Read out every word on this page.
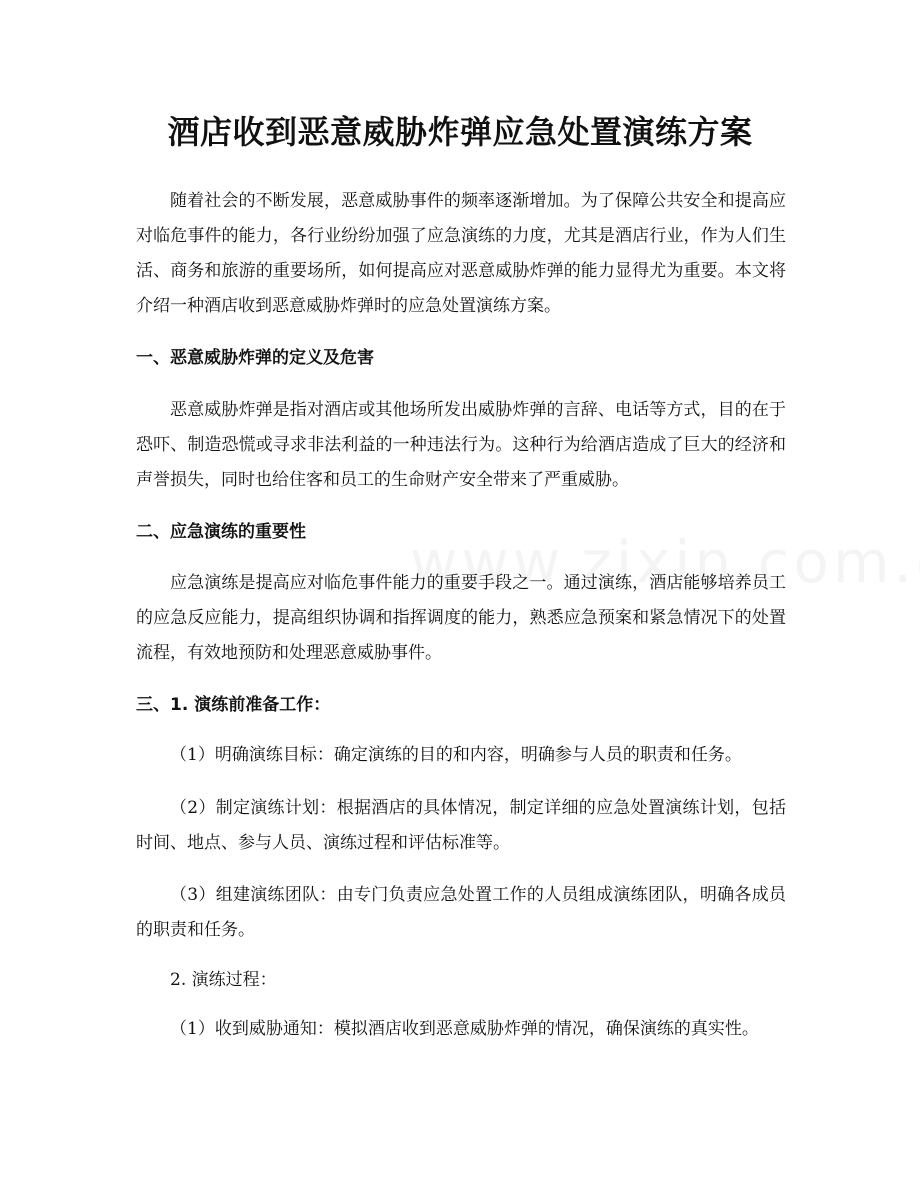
酒店收到恶意威胁炸弹应急处置演练方案
随着社会的不断发展，恶意威胁事件的频率逐渐增加。为了保障公共安全和提高应对临危事件的能力，各行业纷纷加强了应急演练的力度，尤其是酒店行业，作为人们生活、商务和旅游的重要场所，如何提高应对恶意威胁炸弹的能力显得尤为重要。本文将介绍一种酒店收到恶意威胁炸弹时的应急处置演练方案。
一、恶意威胁炸弹的定义及危害
恶意威胁炸弹是指对酒店或其他场所发出威胁炸弹的言辞、电话等方式，目的在于恐吓、制造恐慌或寻求非法利益的一种违法行为。这种行为给酒店造成了巨大的经济和声誉损失，同时也给住客和员工的生命财产安全带来了严重威胁。
二、应急演练的重要性
应急演练是提高应对临危事件能力的重要手段之一。通过演练，酒店能够培养员工的应急反应能力，提高组织协调和指挥调度的能力，熟悉应急预案和紧急情况下的处置流程，有效地预防和处理恶意威胁事件。
三、1. 演练前准备工作：
（1）明确演练目标：确定演练的目的和内容，明确参与人员的职责和任务。
（2）制定演练计划：根据酒店的具体情况，制定详细的应急处置演练计划，包括时间、地点、参与人员、演练过程和评估标准等。
（3）组建演练团队：由专门负责应急处置工作的人员组成演练团队，明确各成员的职责和任务。
2. 演练过程：
（1）收到威胁通知：模拟酒店收到恶意威胁炸弹的情况，确保演练的真实性。
